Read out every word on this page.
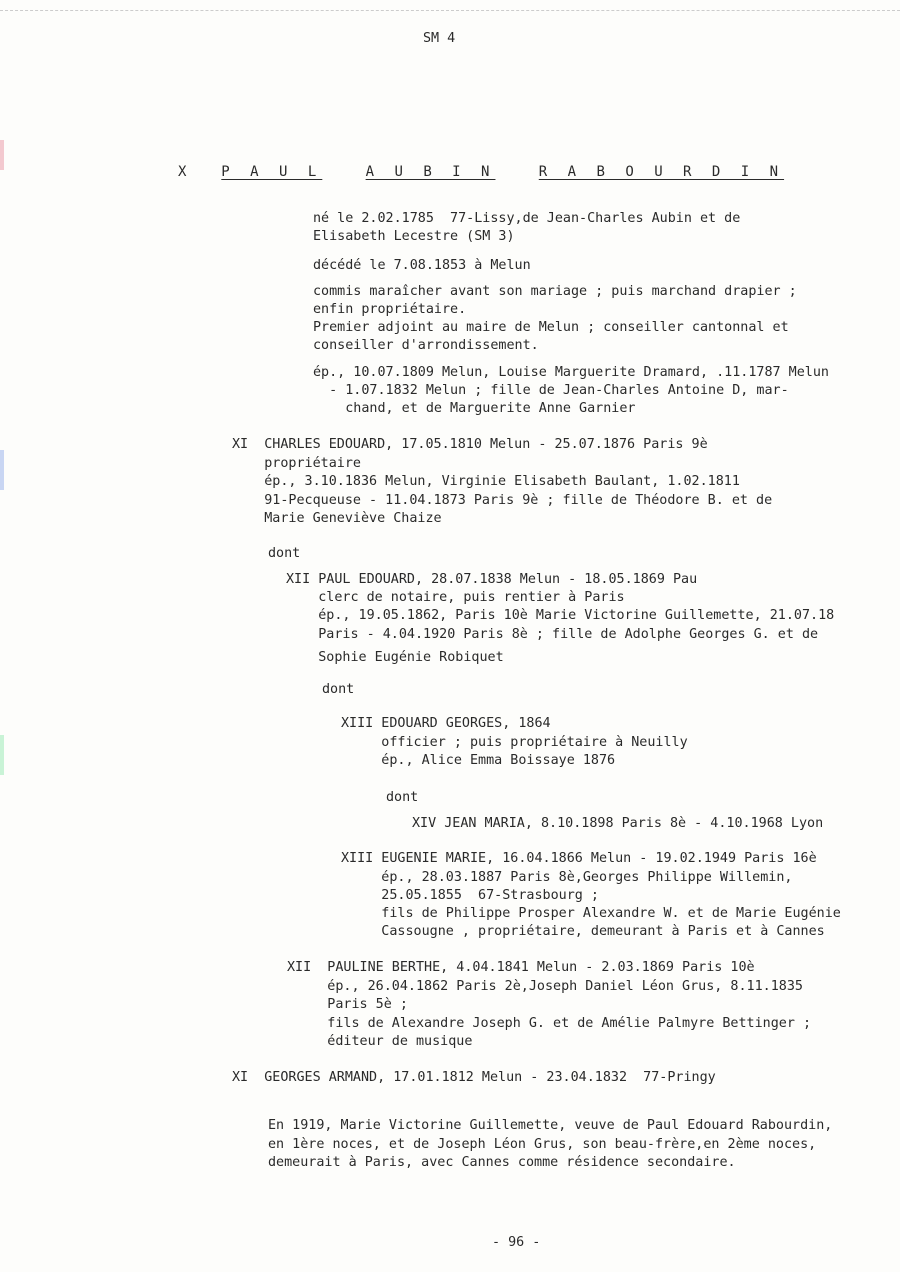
SM 4
X P A U L	A U B I N	R A B O U R D I N
né le 2.02.1785  77-Lissy,de Jean-Charles Aubin et de
Elisabeth Lecestre (SM 3)
décédé le 7.08.1853 à Melun
commis maraîcher avant son mariage ; puis marchand drapier ;
enfin propriétaire.
Premier adjoint au maire de Melun ; conseiller cantonnal et
conseiller d'arrondissement.
ép., 10.07.1809 Melun, Louise Marguerite Dramard, .11.1787 Melun
- 1.07.1832 Melun ; fille de Jean-Charles Antoine D, mar-
chand, et de Marguerite Anne Garnier
XI  CHARLES EDOUARD, 17.05.1810 Melun - 25.07.1876 Paris 9è
propriétaire
ép., 3.10.1836 Melun, Virginie Elisabeth Baulant, 1.02.1811
91-Pecqueuse - 11.04.1873 Paris 9è ; fille de Théodore B. et de
Marie Geneviève Chaize
dont
XII PAUL EDOUARD, 28.07.1838 Melun - 18.05.1869 Pau
clerc de notaire, puis rentier à Paris
ép., 19.05.1862, Paris 10è Marie Victorine Guillemette, 21.07.18
Paris - 4.04.1920 Paris 8è ; fille de Adolphe Georges G. et de
Sophie Eugénie Robiquet
dont
XIII EDOUARD GEORGES, 1864
officier ; puis propriétaire à Neuilly
ép., Alice Emma Boissaye 1876
dont
XIV JEAN MARIA, 8.10.1898 Paris 8è - 4.10.1968 Lyon
XIII EUGENIE MARIE, 16.04.1866 Melun - 19.02.1949 Paris 16è
ép., 28.03.1887 Paris 8è,Georges Philippe Willemin,
25.05.1855  67-Strasbourg ;
fils de Philippe Prosper Alexandre W. et de Marie Eugénie
Cassougne , propriétaire, demeurant à Paris et à Cannes
XII  PAULINE BERTHE, 4.04.1841 Melun - 2.03.1869 Paris 10è
ép., 26.04.1862 Paris 2è,Joseph Daniel Léon Grus, 8.11.1835
Paris 5è ;
fils de Alexandre Joseph G. et de Amélie Palmyre Bettinger ;
éditeur de musique
XI  GEORGES ARMAND, 17.01.1812 Melun - 23.04.1832  77-Pringy
En 1919, Marie Victorine Guillemette, veuve de Paul Edouard Rabourdin,
en 1ère noces, et de Joseph Léon Grus, son beau-frère,en 2ème noces,
demeurait à Paris, avec Cannes comme résidence secondaire.
- 96 -
